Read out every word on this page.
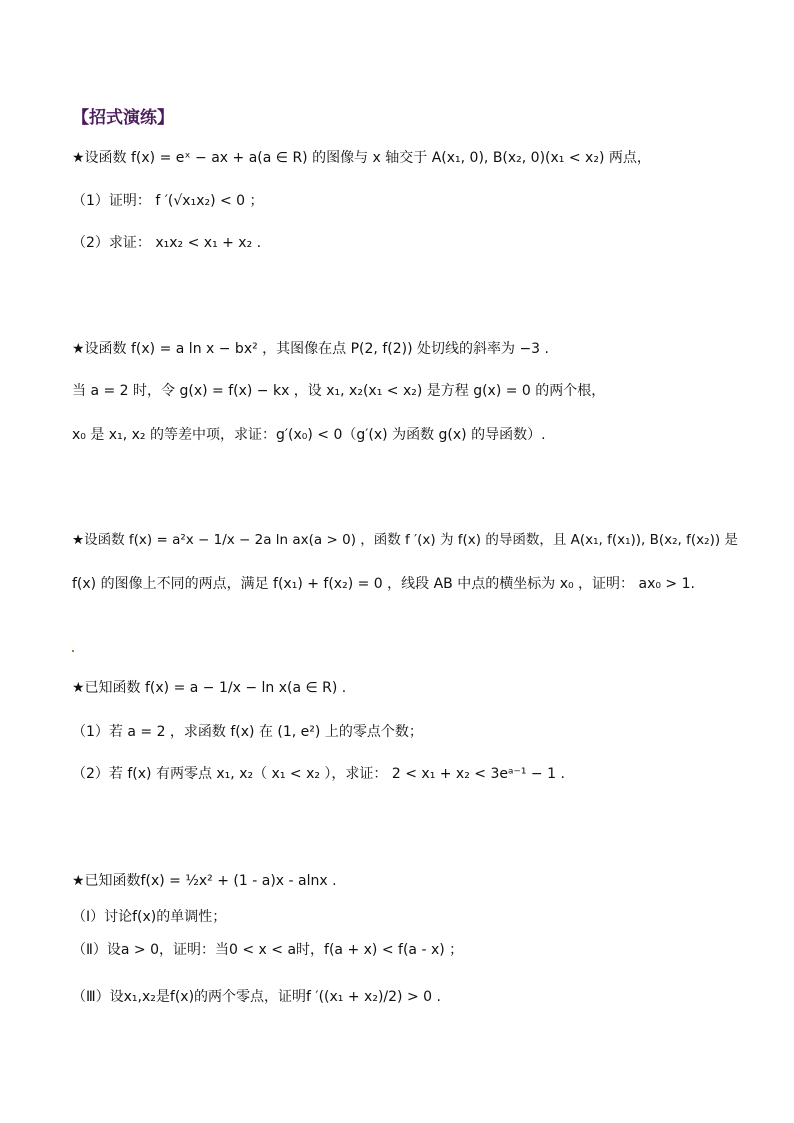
【招式演练】
★设函数 f(x) = eˣ − ax + a(a ∈ R) 的图像与 x 轴交于 A(x₁, 0), B(x₂, 0)(x₁ < x₂) 两点，
（1）证明： f ′(√x₁x₂) < 0 ；
（2）求证： x₁x₂ < x₁ + x₂ .
★设函数 f(x) = a ln x − bx² ，其图像在点 P(2, f(2)) 处切线的斜率为 −3 .
当 a = 2 时，令 g(x) = f(x) − kx ，设 x₁, x₂(x₁ < x₂) 是方程 g(x) = 0 的两个根，
x₀ 是 x₁, x₂ 的等差中项，求证：g′(x₀) < 0（g′(x) 为函数 g(x) 的导函数）.
★设函数 f(x) = a²x − 1/x − 2a ln ax(a > 0) ，函数 f ′(x) 为 f(x) 的导函数，且 A(x₁, f(x₁)), B(x₂, f(x₂)) 是
f(x) 的图像上不同的两点，满足 f(x₁) + f(x₂) = 0 ，线段 AB 中点的横坐标为 x₀ ，证明： ax₀ > 1.
★已知函数 f(x) = a − 1/x − ln x(a ∈ R) .
（1）若 a = 2 ，求函数 f(x) 在 (1, e²) 上的零点个数；
（2）若 f(x) 有两零点 x₁, x₂（ x₁ < x₂ ），求证： 2 < x₁ + x₂ < 3eᵃ⁻¹ − 1 .
★已知函数f(x) = ½x² + (1 - a)x - alnx .
（Ⅰ）讨论f(x)的单调性；
（Ⅱ）设a > 0，证明：当0 < x < a时，f(a + x) < f(a - x) ；
（Ⅲ）设x₁,x₂是f(x)的两个零点，证明f ′((x₁ + x₂)/2) > 0 .
